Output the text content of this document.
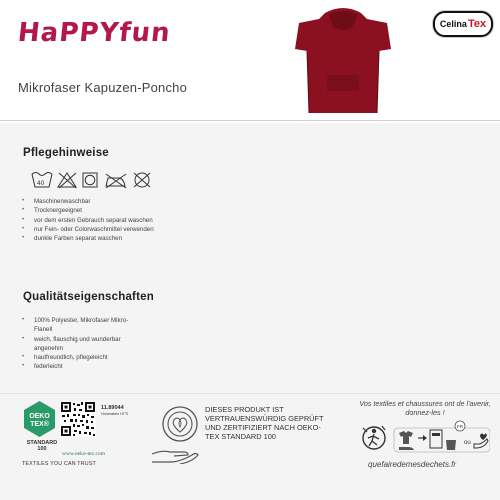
HaPPYfun
Mikrofaser Kapuzen-Poncho
Celina Tex
Pflegehinweise
40
• Maschinenwaschbar
• Trocknergeeignet
• vor dem ersten Gebrauch separat waschen
• nur Fein- oder Colorwaschmittel verwenden
• dunkle Farben separat waschen
Qualitätseigenschaften
• 100% Polyester, Mikrofaser Mikro-Flanell
• weich, flauschig und wunderbar angenehm
• hautfreundlich, pflegeleicht
• federleicht
OEKO
TEX®
11.89044
Hohenstein HTTI
STANDARD
100
www.oeko-tex.com
TEXTILES YOU CAN TRUST
DIESES PRODUKT IST VERTRAUENSWÜRDIG GEPRÜFT UND ZERTIFIZIERT NACH OEKO-TEX STANDARD 100
Vos textiles et chaussures ont de l'avenir, donnez-les !
FR
ou
quefairedemesdechets.fr
